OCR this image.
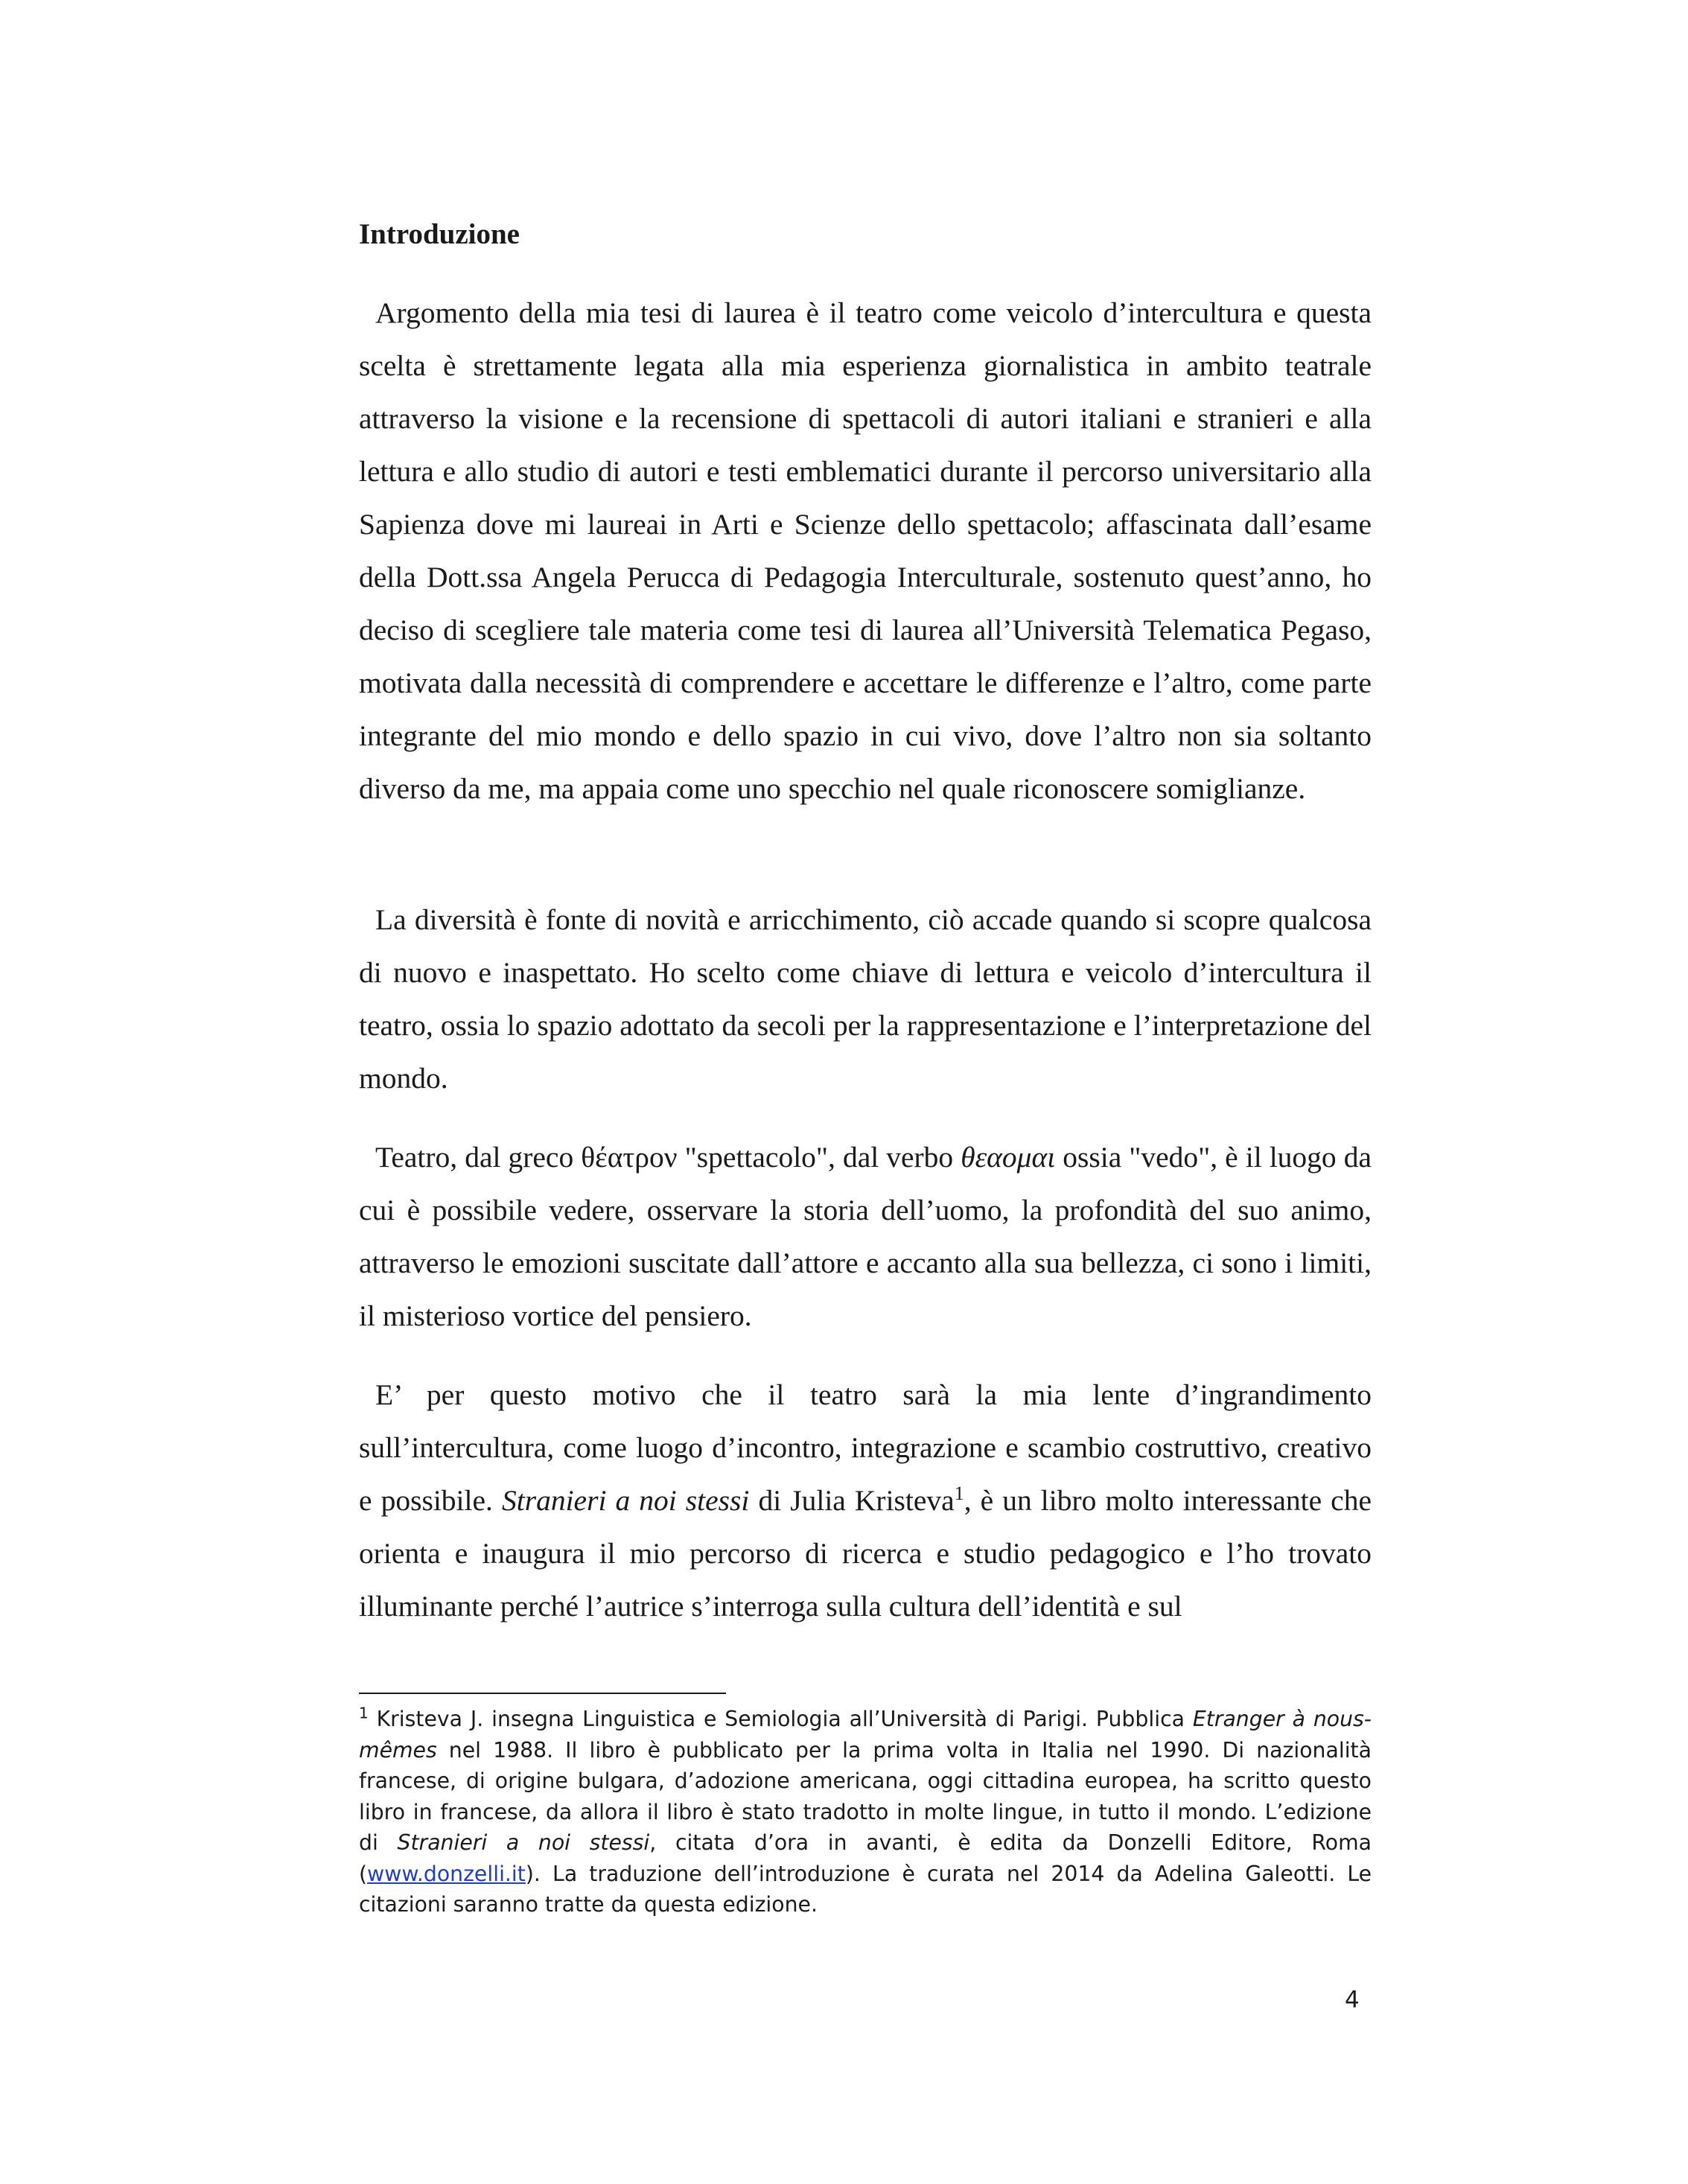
Introduzione

Argomento della mia tesi di laurea è il teatro come veicolo d’intercultura e questa scelta è strettamente legata alla mia esperienza giornalistica in ambito teatrale attraverso la visione e la recensione di spettacoli di autori italiani e stranieri e alla lettura e allo studio di autori e testi emblematici durante il percorso universitario alla Sapienza dove mi laureai in Arti e Scienze dello spettacolo; affascinata dall’esame della Dott.ssa Angela Perucca di Pedagogia Interculturale, sostenuto quest’anno, ho deciso di scegliere tale materia come tesi di laurea all’Università Telematica Pegaso, motivata dalla necessità di comprendere e accettare le differenze e l’altro, come parte integrante del mio mondo e dello spazio in cui vivo, dove l’altro non sia soltanto diverso da me, ma appaia come uno specchio nel quale riconoscere somiglianze.

La diversità è fonte di novità e arricchimento, ciò accade quando si scopre qualcosa di nuovo e inaspettato. Ho scelto come chiave di lettura e veicolo d’intercultura il teatro, ossia lo spazio adottato da secoli per la rappresentazione e l’interpretazione del mondo.

Teatro, dal greco θέατρον "spettacolo", dal verbo θεαομαι ossia "vedo", è il luogo da cui è possibile vedere, osservare la storia dell’uomo, la profondità del suo animo, attraverso le emozioni suscitate dall’attore e accanto alla sua bellezza, ci sono i limiti, il misterioso vortice del pensiero.

E’ per questo motivo che il teatro sarà la mia lente d’ingrandimento sull’intercultura, come luogo d’incontro, integrazione e scambio costruttivo, creativo e possibile. Stranieri a noi stessi di Julia Kristeva$^1$, è un libro molto interessante che orienta e inaugura il mio percorso di ricerca e studio pedagogico e l’ho trovato illuminante perché l’autrice s’interroga sulla cultura dell’identità e sul

$^1$ Kristeva J. insegna Linguistica e Semiologia all’Università di Parigi. Pubblica Etranger à nous-mêmes nel 1988. Il libro è pubblicato per la prima volta in Italia nel 1990. Di nazionalità francese, di origine bulgara, d’adozione americana, oggi cittadina europea, ha scritto questo libro in francese, da allora il libro è stato tradotto in molte lingue, in tutto il mondo. L’edizione di Stranieri a noi stessi, citata d’ora in avanti, è edita da Donzelli Editore, Roma (www.donzelli.it). La traduzione dell’introduzione è curata nel 2014 da Adelina Galeotti. Le citazioni saranno tratte da questa edizione.

4
